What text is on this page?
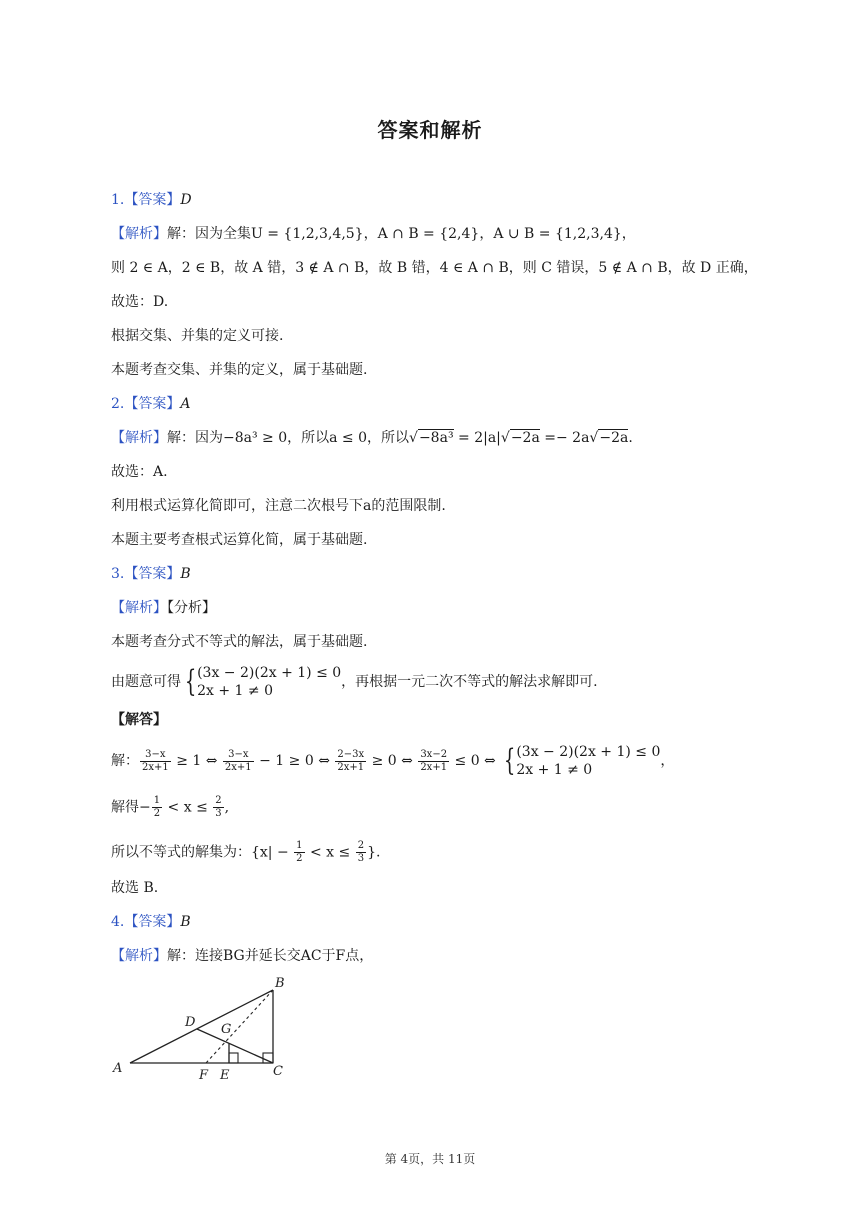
答案和解析
1.【答案】D
【解析】解：因为全集U = {1,2,3,4,5}，A ∩ B = {2,4}，A ∪ B = {1,2,3,4}，
则 2 ∈ A，2 ∈ B，故 A 错，3 ∉ A ∩ B，故 B 错，4 ∈ A ∩ B，则 C 错误，5 ∉ A ∩ B，故 D 正确，
故选：D.
根据交集、并集的定义可接.
本题考查交集、并集的定义，属于基础题.
2.【答案】A
【解析】解：因为−8a³ ≥ 0，所以a ≤ 0，所以√−8a³ = 2|a|√−2a =− 2a√−2a.
故选：A.
利用根式运算化简即可，注意二次根号下a的范围限制.
本题主要考查根式运算化简，属于基础题.
3.【答案】B
【解析】【分析】
本题考查分式不等式的解法，属于基础题.
由题意可得 { (3x − 2)(2x + 1) ≤ 0
2x + 1 ≠ 0
，再根据一元二次不等式的解法求解即可.
【解答】
解： $\frac{3-x}{2x+1} \ge 1$ ⇔ $\frac{3-x}{2x+1} - 1 \ge 0$ ⇔ $\frac{2-3x}{2x+1} \ge 0$ ⇔ $\frac{3x-2}{2x+1} \le 0$ ⇔ { (3x − 2)(2x + 1) ≤ 0
2x + 1 ≠ 0
，
解得− $\frac{1}{2} < x \le \frac{2}{3}$ ,
所以不等式的解集为：{$x| - \frac{1}{2} < x \le \frac{2}{3}$ }.
故选 B.
4.【答案】B
【解析】解：连接BG并延长交AC于F点，
B
D G
A	F E	C
第 4页，共 11页
